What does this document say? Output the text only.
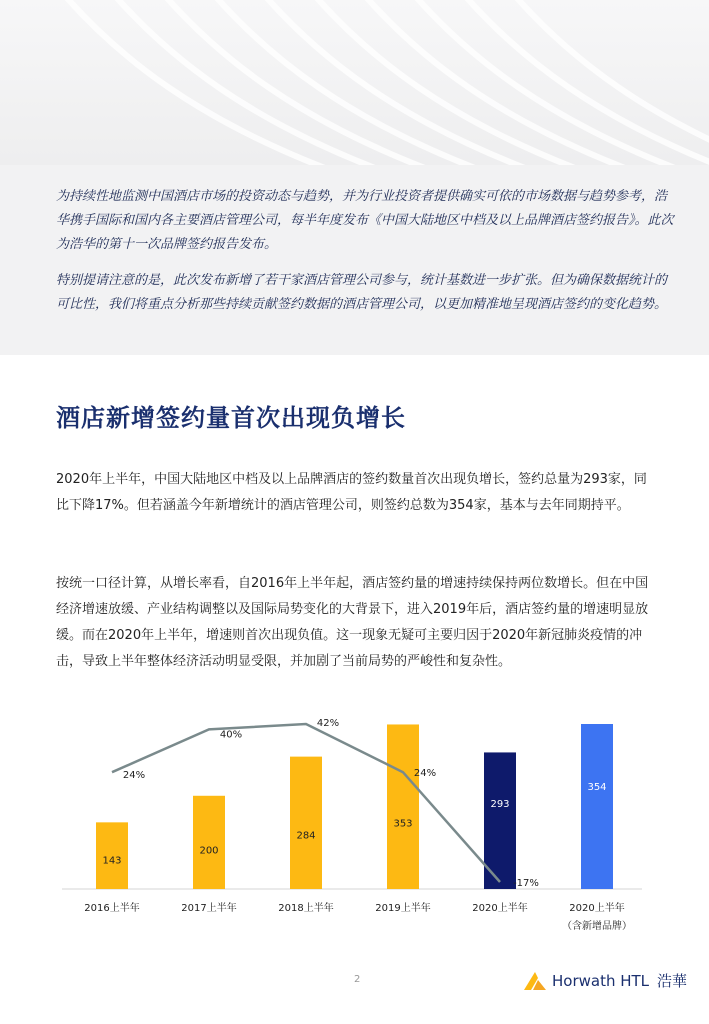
为持续性地监测中国酒店市场的投资动态与趋势，并为行业投资者提供确实可依的市场数据与趋势参考，浩华携手国际和国内各主要酒店管理公司，每半年度发布《中国大陆地区中档及以上品牌酒店签约报告》。此次为浩华的第十一次品牌签约报告发布。

特别提请注意的是，此次发布新增了若干家酒店管理公司参与，统计基数进一步扩张。但为确保数据统计的可比性，我们将重点分析那些持续贡献签约数据的酒店管理公司，以更加精准地呈现酒店签约的变化趋势。

酒店新增签约量首次出现负增长

2020年上半年，中国大陆地区中档及以上品牌酒店的签约数量首次出现负增长，签约总量为293家，同比下降17%。但若涵盖今年新增统计的酒店管理公司，则签约总数为354家，基本与去年同期持平。

按统一口径计算，从增长率看，自2016年上半年起，酒店签约量的增速持续保持两位数增长。但在中国经济增速放缓、产业结构调整以及国际局势变化的大背景下，进入2019年后，酒店签约量的增速明显放缓。而在2020年上半年，增速则首次出现负值。这一现象无疑可主要归因于2020年新冠肺炎疫情的冲击，导致上半年整体经济活动明显受限，并加剧了当前局势的严峻性和复杂性。

143
2016上半年
200
2017上半年
284
2018上半年
353
2019上半年
293
2020上半年
354
2020上半年
（含新增品牌）
24%
40%
42%
24%
-17%
2	Horwath HTL 浩華
